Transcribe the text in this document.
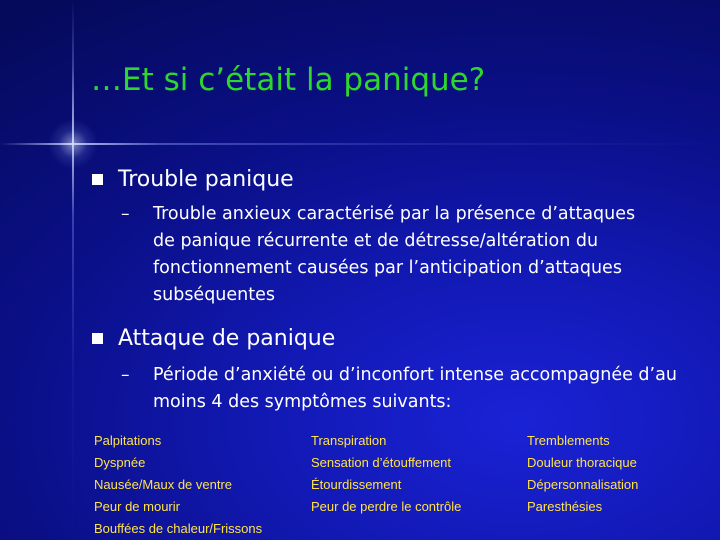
…Et si c’était la panique?
Trouble panique
–	Trouble anxieux caractérisé par la présence d’attaques de panique récurrente et de détresse/altération du fonctionnement causées par l’anticipation d’attaques subséquentes
Attaque de panique
–	Période d’anxiété ou d’inconfort intense accompagnée d’au moins 4 des symptômes suivants:
Palpitations
Dyspnée
Nausée/Maux de ventre
Peur de mourir
Bouffées de chaleur/Frissons
Transpiration
Sensation d’étouffement
Étourdissement
Peur de perdre le contrôle
Tremblements
Douleur thoracique
Dépersonnalisation
Paresthésies
